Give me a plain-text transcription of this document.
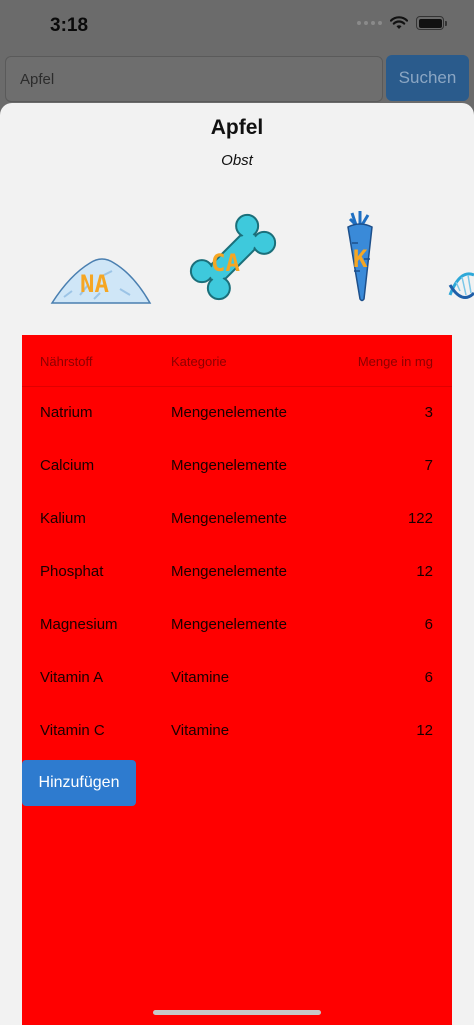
3:18
Apfel	Suchen
Apfel
Obst
NA
CA	K
Nährstoff	Kategorie	Menge in mg
Natrium	Mengenelemente	3
Calcium	Mengenelemente	7
Kalium	Mengenelemente	122
Phosphat	Mengenelemente	12
Magnesium	Mengenelemente	6
Vitamin A	Vitamine	6
Vitamin C	Vitamine	12
Hinzufügen
